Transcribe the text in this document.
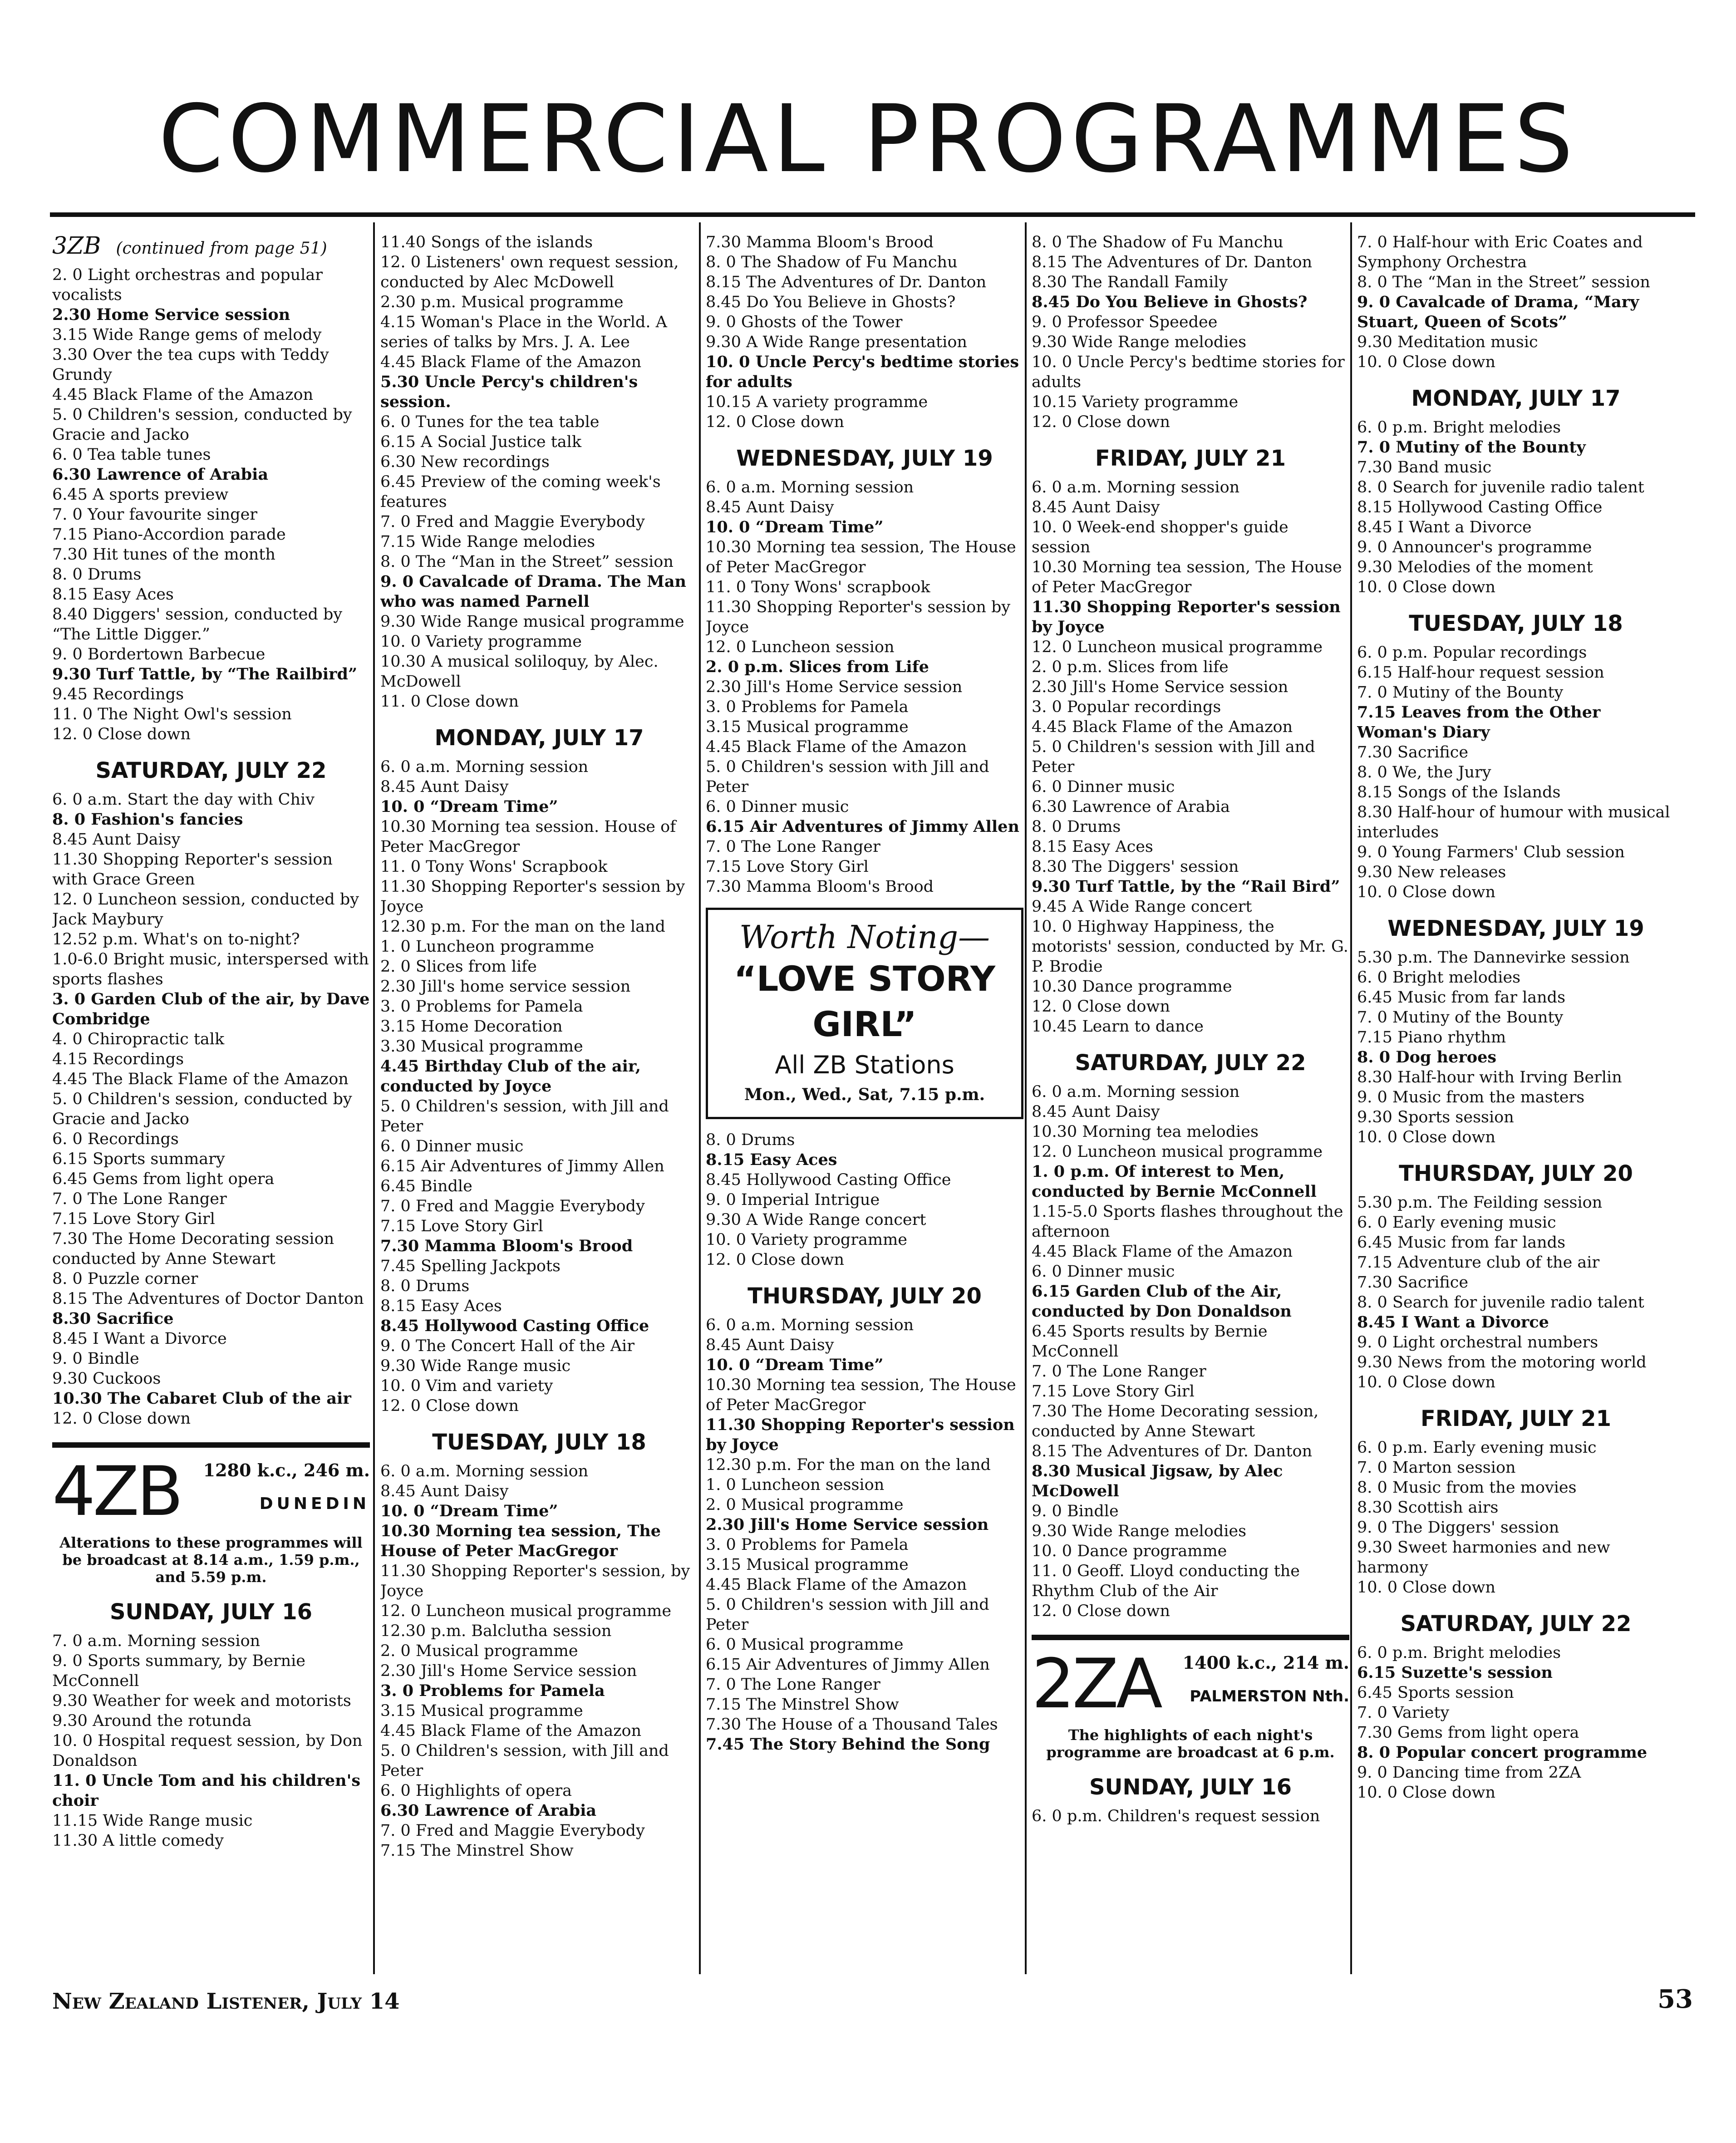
COMMERCIAL PROGRAMMES
3ZB (continued from page 51)

2. 0 Light orchestras and popular vocalists

2.30 Home Service session

3.15 Wide Range gems of melody

3.30 Over the tea cups with Teddy Grundy

4.45 Black Flame of the Amazon

5. 0 Children's session, conducted by Gracie and Jacko

6. 0 Tea table tunes

6.30 Lawrence of Arabia

6.45 A sports preview

7. 0 Your favourite singer

7.15 Piano-Accordion parade

7.30 Hit tunes of the month

8. 0 Drums

8.15 Easy Aces

8.40 Diggers' session, conducted by “The Little Digger.”

9. 0 Bordertown Barbecue

9.30 Turf Tattle, by “The Railbird”

9.45 Recordings

11. 0 The Night Owl's session

12. 0 Close down

SATURDAY, JULY 22

6. 0 a.m. Start the day with Chiv

8. 0 Fashion's fancies

8.45 Aunt Daisy

11.30 Shopping Reporter's session with Grace Green

12. 0 Luncheon session, conducted by Jack Maybury

12.52 p.m. What's on to-night?

1.0-6.0 Bright music, interspersed with sports flashes

3. 0 Garden Club of the air, by Dave Combridge

4. 0 Chiropractic talk

4.15 Recordings

4.45 The Black Flame of the Amazon

5. 0 Children's session, conducted by Gracie and Jacko

6. 0 Recordings

6.15 Sports summary

6.45 Gems from light opera

7. 0 The Lone Ranger

7.15 Love Story Girl

7.30 The Home Decorating session conducted by Anne Stewart

8. 0 Puzzle corner

8.15 The Adventures of Doctor Danton

8.30 Sacrifice

8.45 I Want a Divorce

9. 0 Bindle

9.30 Cuckoos

10.30 The Cabaret Club of the air

12. 0 Close down

4ZB 1280 k.c., 246 m.
DUNEDIN
Alterations to these programmes will be broadcast at 8.14 a.m., 1.59 p.m., and 5.59 p.m.
SUNDAY, JULY 16

7. 0 a.m. Morning session

9. 0 Sports summary, by Bernie McConnell

9.30 Weather for week and motorists

9.30 Around the rotunda

10. 0 Hospital request session, by Don Donaldson

11. 0 Uncle Tom and his children's choir

11.15 Wide Range music

11.30 A little comedy

11.40 Songs of the islands

12. 0 Listeners' own request session, conducted by Alec McDowell

2.30 p.m. Musical programme

4.15 Woman's Place in the World. A series of talks by Mrs. J. A. Lee

4.45 Black Flame of the Amazon

5.30 Uncle Percy's children's session.

6. 0 Tunes for the tea table

6.15 A Social Justice talk

6.30 New recordings

6.45 Preview of the coming week's features

7. 0 Fred and Maggie Everybody

7.15 Wide Range melodies

8. 0 The “Man in the Street” session

9. 0 Cavalcade of Drama. The Man who was named Parnell

9.30 Wide Range musical programme

10. 0 Variety programme

10.30 A musical soliloquy, by Alec. McDowell

11. 0 Close down

MONDAY, JULY 17

6. 0 a.m. Morning session

8.45 Aunt Daisy

10. 0 “Dream Time”

10.30 Morning tea session. House of Peter MacGregor

11. 0 Tony Wons' Scrapbook

11.30 Shopping Reporter's session by Joyce

12.30 p.m. For the man on the land

1. 0 Luncheon programme

2. 0 Slices from life

2.30 Jill's home service session

3. 0 Problems for Pamela

3.15 Home Decoration

3.30 Musical programme

4.45 Birthday Club of the air, conducted by Joyce

5. 0 Children's session, with Jill and Peter

6. 0 Dinner music

6.15 Air Adventures of Jimmy Allen

6.45 Bindle

7. 0 Fred and Maggie Everybody

7.15 Love Story Girl

7.30 Mamma Bloom's Brood

7.45 Spelling Jackpots

8. 0 Drums

8.15 Easy Aces

8.45 Hollywood Casting Office

9. 0 The Concert Hall of the Air

9.30 Wide Range music

10. 0 Vim and variety

12. 0 Close down

TUESDAY, JULY 18

6. 0 a.m. Morning session

8.45 Aunt Daisy

10. 0 “Dream Time”

10.30 Morning tea session, The House of Peter MacGregor

11.30 Shopping Reporter's session, by Joyce

12. 0 Luncheon musical programme

12.30 p.m. Balclutha session

2. 0 Musical programme

2.30 Jill's Home Service session

3. 0 Problems for Pamela

3.15 Musical programme

4.45 Black Flame of the Amazon

5. 0 Children's session, with Jill and Peter

6. 0 Highlights of opera

6.30 Lawrence of Arabia

7. 0 Fred and Maggie Everybody

7.15 The Minstrel Show

7.30 Mamma Bloom's Brood

8. 0 The Shadow of Fu Manchu

8.15 The Adventures of Dr. Danton

8.45 Do You Believe in Ghosts?

9. 0 Ghosts of the Tower

9.30 A Wide Range presentation

10. 0 Uncle Percy's bedtime stories for adults

10.15 A variety programme

12. 0 Close down

WEDNESDAY, JULY 19

6. 0 a.m. Morning session

8.45 Aunt Daisy

10. 0 “Dream Time”

10.30 Morning tea session, The House of Peter MacGregor

11. 0 Tony Wons' scrapbook

11.30 Shopping Reporter's session by Joyce

12. 0 Luncheon session

2. 0 p.m. Slices from Life

2.30 Jill's Home Service session

3. 0 Problems for Pamela

3.15 Musical programme

4.45 Black Flame of the Amazon

5. 0 Children's session with Jill and Peter

6. 0 Dinner music

6.15 Air Adventures of Jimmy Allen

7. 0 The Lone Ranger

7.15 Love Story Girl

7.30 Mamma Bloom's Brood

Worth Noting—
“LOVE STORY GIRL”
All ZB Stations
Mon., Wed., Sat, 7.15 p.m.

8. 0 Drums

8.15 Easy Aces

8.45 Hollywood Casting Office

9. 0 Imperial Intrigue

9.30 A Wide Range concert

10. 0 Variety programme

12. 0 Close down

THURSDAY, JULY 20

6. 0 a.m. Morning session

8.45 Aunt Daisy

10. 0 “Dream Time”

10.30 Morning tea session, The House of Peter MacGregor

11.30 Shopping Reporter's session by Joyce

12.30 p.m. For the man on the land

1. 0 Luncheon session

2. 0 Musical programme

2.30 Jill's Home Service session

3. 0 Problems for Pamela

3.15 Musical programme

4.45 Black Flame of the Amazon

5. 0 Children's session with Jill and Peter

6. 0 Musical programme

6.15 Air Adventures of Jimmy Allen

7. 0 The Lone Ranger

7.15 The Minstrel Show

7.30 The House of a Thousand Tales

7.45 The Story Behind the Song

8. 0 The Shadow of Fu Manchu

8.15 The Adventures of Dr. Danton

8.30 The Randall Family

8.45 Do You Believe in Ghosts?

9. 0 Professor Speedee

9.30 Wide Range melodies

10. 0 Uncle Percy's bedtime stories for adults

10.15 Variety programme

12. 0 Close down

FRIDAY, JULY 21

6. 0 a.m. Morning session

8.45 Aunt Daisy

10. 0 Week-end shopper's guide session

10.30 Morning tea session, The House of Peter MacGregor

11.30 Shopping Reporter's session by Joyce

12. 0 Luncheon musical programme

2. 0 p.m. Slices from life

2.30 Jill's Home Service session

3. 0 Popular recordings

4.45 Black Flame of the Amazon

5. 0 Children's session with Jill and Peter

6. 0 Dinner music

6.30 Lawrence of Arabia

8. 0 Drums

8.15 Easy Aces

8.30 The Diggers' session

9.30 Turf Tattle, by the “Rail Bird”

9.45 A Wide Range concert

10. 0 Highway Happiness, the motorists' session, conducted by Mr. G. P. Brodie

10.30 Dance programme

12. 0 Close down

10.45 Learn to dance

SATURDAY, JULY 22

6. 0 a.m. Morning session

8.45 Aunt Daisy

10.30 Morning tea melodies

12. 0 Luncheon musical programme

1. 0 p.m. Of interest to Men, conducted by Bernie McConnell

1.15-5.0 Sports flashes throughout the afternoon

4.45 Black Flame of the Amazon

6. 0 Dinner music

6.15 Garden Club of the Air, conducted by Don Donaldson

6.45 Sports results by Bernie McConnell

7. 0 The Lone Ranger

7.15 Love Story Girl

7.30 The Home Decorating session, conducted by Anne Stewart

8.15 The Adventures of Dr. Danton

8.30 Musical Jigsaw, by Alec McDowell

9. 0 Bindle

9.30 Wide Range melodies

10. 0 Dance programme

11. 0 Geoff. Lloyd conducting the Rhythm Club of the Air

12. 0 Close down

2ZA 1400 k.c., 214 m.
PALMERSTON Nth.
The highlights of each night's programme are broadcast at 6 p.m.
SUNDAY, JULY 16

6. 0 p.m. Children's request session

7. 0 Half-hour with Eric Coates and Symphony Orchestra

8. 0 The “Man in the Street” session

9. 0 Cavalcade of Drama, “Mary Stuart, Queen of Scots”

9.30 Meditation music

10. 0 Close down

MONDAY, JULY 17

6. 0 p.m. Bright melodies

7. 0 Mutiny of the Bounty

7.30 Band music

8. 0 Search for juvenile radio talent

8.15 Hollywood Casting Office

8.45 I Want a Divorce

9. 0 Announcer's programme

9.30 Melodies of the moment

10. 0 Close down

TUESDAY, JULY 18

6. 0 p.m. Popular recordings

6.15 Half-hour request session

7. 0 Mutiny of the Bounty

7.15 Leaves from the Other Woman's Diary

7.30 Sacrifice

8. 0 We, the Jury

8.15 Songs of the Islands

8.30 Half-hour of humour with musical interludes

9. 0 Young Farmers' Club session

9.30 New releases

10. 0 Close down

WEDNESDAY, JULY 19

5.30 p.m. The Dannevirke session

6. 0 Bright melodies

6.45 Music from far lands

7. 0 Mutiny of the Bounty

7.15 Piano rhythm

8. 0 Dog heroes

8.30 Half-hour with Irving Berlin

9. 0 Music from the masters

9.30 Sports session

10. 0 Close down

THURSDAY, JULY 20

5.30 p.m. The Feilding session

6. 0 Early evening music

6.45 Music from far lands

7.15 Adventure club of the air

7.30 Sacrifice

8. 0 Search for juvenile radio talent

8.45 I Want a Divorce

9. 0 Light orchestral numbers

9.30 News from the motoring world

10. 0 Close down

FRIDAY, JULY 21

6. 0 p.m. Early evening music

7. 0 Marton session

8. 0 Music from the movies

8.30 Scottish airs

9. 0 The Diggers' session

9.30 Sweet harmonies and new harmony

10. 0 Close down

SATURDAY, JULY 22

6. 0 p.m. Bright melodies

6.15 Suzette's session

6.45 Sports session

7. 0 Variety

7.30 Gems from light opera

8. 0 Popular concert programme

9. 0 Dancing time from 2ZA

10. 0 Close down

New Zealand Listener, July 14	53
